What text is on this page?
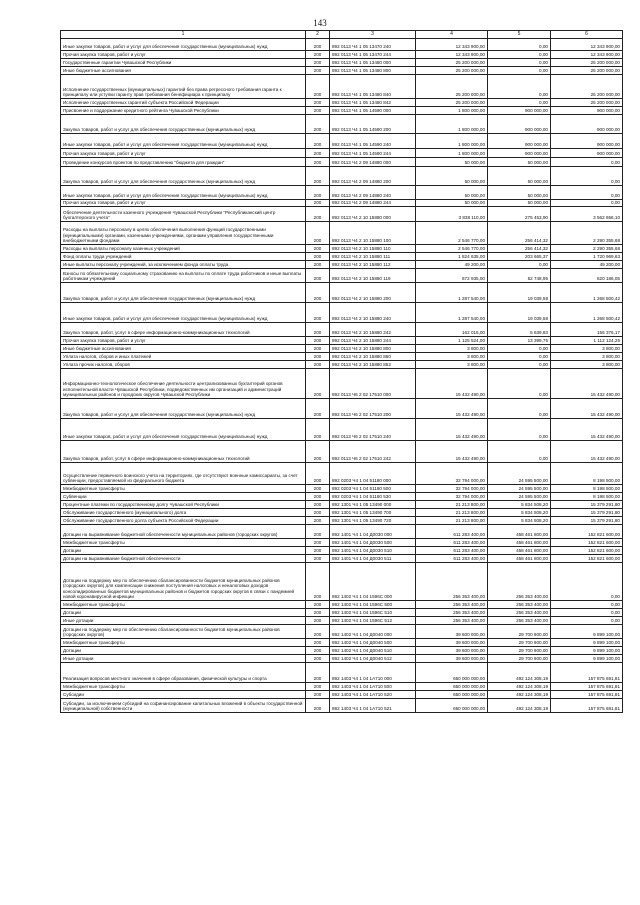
143
1	2	3	4	5	6
Иные закупки товаров, работ и услуг для обеспечения государственных (муниципальных) нужд	200	892 0113 Ч4 1 05 13470 240	12 343 900,00	0,00	12 343 900,00
Прочая закупка товаров, работ и услуг	200	892 0113 Ч4 1 05 13470 244	12 343 900,00	0,00	12 343 900,00
Государственные гарантии Чувашской Республики	200	892 0113 Ч4 1 05 13480 000	25 200 000,00	0,00	25 200 000,00
Иные бюджетные ассигнования	200	892 0113 Ч4 1 05 13480 800	25 200 000,00	0,00	25 200 000,00
Исполнение государственных (муниципальных) гарантий без права регрессного требования гаранта к принципалу или уступки гаранту прав требования бенефициара к принципалу	200	892 0113 Ч4 1 05 13480 840	25 200 000,00	0,00	25 200 000,00
Исполнение государственных гарантий субъекта Российской Федерации	200	892 0113 Ч4 1 05 13480 842	25 200 000,00	0,00	25 200 000,00
Присвоение и поддержание кредитного рейтинга Чувашской Республики	200	892 0113 Ч4 1 05 14590 000	1 800 000,00	900 000,00	900 000,00
Закупка товаров, работ и услуг для обеспечения государственных (муниципальных) нужд	200	892 0113 Ч4 1 05 14590 200	1 800 000,00	900 000,00	900 000,00
Иные закупки товаров, работ и услуг для обеспечения государственных (муниципальных) нужд	200	892 0113 Ч4 1 05 14590 240	1 800 000,00	900 000,00	900 000,00
Прочая закупка товаров, работ и услуг	200	892 0113 Ч4 1 05 14590 244	1 800 000,00	900 000,00	900 000,00
Проведение конкурсов проектов по представлению "бюджета для граждан"	200	892 0113 Ч4 2 09 14880 000	50 000,00	50 000,00	0,00
Закупка товаров, работ и услуг для обеспечения государственных (муниципальных) нужд	200	892 0113 Ч4 2 09 14880 200	50 000,00	50 000,00	0,00
Иные закупки товаров, работ и услуг для обеспечения государственных (муниципальных) нужд	200	892 0113 Ч4 2 09 14880 240	50 000,00	50 000,00	0,00
Прочая закупка товаров, работ и услуг	200	892 0113 Ч4 2 09 14880 244	50 000,00	50 000,00	0,00
Обеспечение деятельности казенного учреждения Чувашской Республики "Республиканский центр бухгалтерского учета"	200	892 0113 Ч4 2 10 15880 000	3 838 110,00	275 453,90	3 562 656,10
Расходы на выплаты персоналу в целях обеспечения выполнения функций государственными (муниципальными) органами, казенными учреждениями, органами управления государственными внебюджетными фондами	200	892 0113 Ч4 2 10 15880 100	2 546 770,00	256 414,32	2 290 355,68
Расходы на выплаты персоналу казенных учреждений	200	892 0113 Ч4 2 10 15880 110	2 546 770,00	256 414,32	2 290 355,68
Фонд оплаты труда учреждений	200	892 0113 Ч4 2 10 15880 111	1 824 635,00	203 665,37	1 720 969,63
Иные выплаты персоналу учреждений, за исключением фонда оплаты труда	200	892 0113 Ч4 2 10 15880 112	49 200,00	0,00	49 200,00
Взносы по обязательному социальному страхованию на выплаты по оплате труда работников и иные выплаты работникам учреждений	200	892 0113 Ч4 2 10 15880 119	672 935,00	52 748,95	620 186,05
Закупка товаров, работ и услуг для обеспечения государственных (муниципальных) нужд	200	892 0113 Ч4 2 10 15880 200	1 287 540,00	19 039,58	1 268 500,42
Иные закупки товаров, работ и услуг для обеспечения государственных (муниципальных) нужд	200	892 0113 Ч4 2 10 15880 240	1 287 540,00	19 039,58	1 268 500,42
Закупка товаров, работ, услуг в сфере информационно-коммуникационных технологий	200	892 0113 Ч4 2 10 15880 242	162 016,00	5 639,83	156 376,17
Прочая закупка товаров, работ и услуг	200	892 0113 Ч4 2 10 15880 244	1 125 524,00	13 399,75	1 112 124,25
Иные бюджетные ассигнования	200	892 0113 Ч4 2 10 15880 800	3 800,00	0,00	3 800,00
Уплата налогов, сборов и иных платежей	200	892 0113 Ч4 2 10 15880 850	3 800,00	0,00	3 800,00
Уплата прочих налогов, сборов	200	892 0113 Ч4 2 10 15880 852	3 800,00	0,00	3 800,00
Информационно-технологическое обеспечение деятельности централизованных бухгалтерий органов исполнительной власти Чувашской Республики, подведомственных им организаций и администраций муниципальных районов и городских округов Чувашской Республики	200	892 0113 Ч6 2 02 17510 000	15 432 490,00	0,00	15 432 490,00
Закупка товаров, работ и услуг для обеспечения государственных (муниципальных) нужд	200	892 0113 Ч6 2 02 17510 200	15 432 490,00	0,00	15 432 490,00
Иные закупки товаров, работ и услуг для обеспечения государственных (муниципальных) нужд	200	892 0113 Ч6 2 02 17510 240	15 432 490,00	0,00	15 432 490,00
Закупка товаров, работ, услуг в сфере информационно-коммуникационных технологий	200	892 0113 Ч6 2 02 17510 242	15 432 490,00	0,00	15 432 490,00
Осуществление первичного воинского учета на территориях, где отсутствуют военные комиссариаты, за счет субвенции, предоставляемой из федерального бюджета	200	892 0203 Ч4 1 04 51180 000	32 794 000,00	24 595 500,00	8 198 500,00
Межбюджетные трансферты	200	892 0203 Ч4 1 04 51180 500	32 794 000,00	24 595 500,00	8 198 500,00
Субвенции	200	892 0203 Ч4 1 04 51180 530	32 794 000,00	24 595 500,00	8 198 500,00
Процентные платежи по государственному долгу Чувашской Республики	200	892 1301 Ч4 1 05 13490 000	21 213 800,00	5 834 508,20	15 379 291,80
Обслуживание государственного (муниципального) долга	200	892 1301 Ч4 1 05 13490 700	21 213 800,00	5 834 508,20	15 379 291,80
Обслуживание государственного долга субъекта Российской Федерации	200	892 1301 Ч4 1 05 13490 720	21 213 800,00	5 834 508,20	15 379 291,80
Дотации на выравнивание бюджетной обеспеченности муниципальных районов (городских округов)	200	892 1401 Ч4 1 04 Д0030 000	611 283 400,00	458 461 800,00	152 821 600,00
Межбюджетные трансферты	200	892 1401 Ч4 1 04 Д0030 500	611 283 400,00	458 461 800,00	152 821 600,00
Дотации	200	892 1401 Ч4 1 04 Д0030 510	611 283 400,00	458 461 800,00	152 821 600,00
Дотации на выравнивание бюджетной обеспеченности	200	892 1401 Ч4 1 04 Д0030 511	611 283 400,00	458 461 800,00	152 821 600,00
Дотации на поддержку мер по обеспечению сбалансированности бюджетов муниципальных районов (городских округов) для компенсации снижения поступления налоговых и неналоговых доходов консолидированных бюджетов муниципальных районов и бюджетов городских округов в связи с пандемией новой коронавирусной инфекции	200	892 1402 Ч4 1 04 1596С 000	256 353 400,00	256 353 400,00	0,00
Межбюджетные трансферты	200	892 1402 Ч4 1 04 1596С 500	256 353 400,00	256 353 400,00	0,00
Дотации	200	892 1402 Ч4 1 04 1596С 510	256 353 400,00	256 353 400,00	0,00
Иные дотации	200	892 1402 Ч4 1 04 1596С 512	256 353 400,00	256 353 400,00	0,00
Дотации на поддержку мер по обеспечению сбалансированности бюджетов муниципальных районов (городских округов)	200	892 1402 Ч4 1 04 Д0040 000	39 600 000,00	29 700 900,00	9 899 100,00
Межбюджетные трансферты	200	892 1402 Ч4 1 04 Д0040 500	39 600 000,00	29 700 900,00	9 899 100,00
Дотации	200	892 1402 Ч4 1 04 Д0040 510	39 600 000,00	29 700 900,00	9 899 100,00
Иные дотации	200	892 1402 Ч4 1 04 Д0040 512	39 600 000,00	29 700 900,00	9 899 100,00
Реализация вопросов местного значения в сфере образования, физической культуры и спорта	200	892 1403 Ч4 1 04 1А710 000	650 000 000,00	492 124 308,19	157 875 691,81
Межбюджетные трансферты	200	892 1403 Ч4 1 04 1А710 500	650 000 000,00	492 124 308,19	157 875 691,81
Субсидии	200	892 1403 Ч4 1 04 1А710 520	650 000 000,00	492 124 308,19	157 875 691,81
Субсидии, за исключением субсидий на софинансирование капитальных вложений в объекты государственной (муниципальной) собственности	200	892 1403 Ч4 1 04 1А710 521	650 000 000,00	492 124 308,19	157 875 691,81
